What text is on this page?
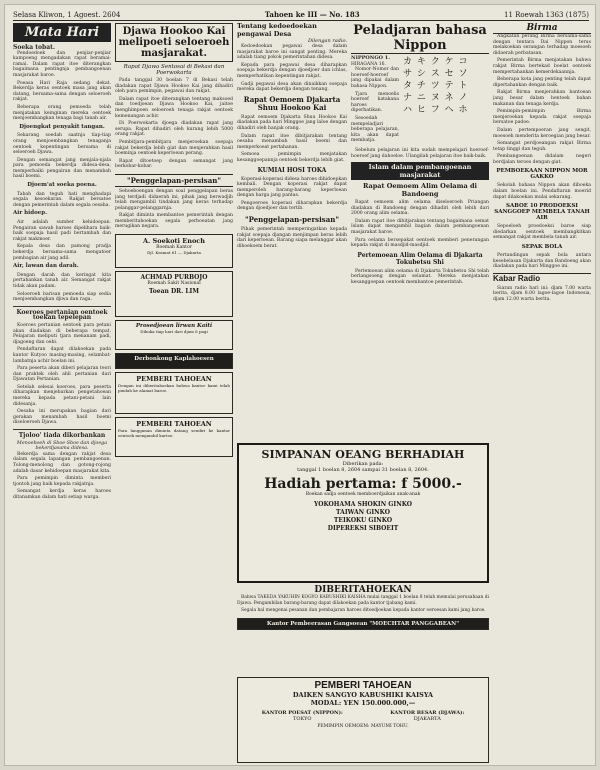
Selasa Kliwon, 1 Agoest. 2604	Tahoen ke III — No. 183	11 Roewah 1363 (1875)
Mata Hari
Soeka tobat.

Pendoedoek dan penjiar-penjiar kampoeng mengadakan rapat beramai-ramai. Dalam rapat itoe diterangkan bagaimana pentingnja pembangoenan masjarakat baroe.

Poeasa Hari Raja sedang dekat. Bekerdja keras oentoek masa jang akan datang, bersama-sama dengan seloeroeh rakjat.

Beberapa orang pemoeda telah menjatakan keinginan mereka oentoek menjoembangkan tenaga bagi tanah air.

Djoengkat penyakit tangan.

Sekarang soedah saatnja tiap-tiap orang menjoembangkan tenaganja oentoek kepentingan bersama di seloeroeh Djawa.

Dengan semangat jang menjala-njala para pemoeda bekerdja didesa-desa, memperbaiki pengairan dan menambah hasil boemi.

Djoem'at soeka poena.

Tabah dan teguh hati menghadapi segala kesoekaran. Rakjat bersatoe dengan pemerintah dalam segala oesaha.

Air hidoep.

Air adalah sumber kehidoepan. Pengairan sawah haroes dipelihara baik-baik soepaja hasil padi bertambah dan rakjat makmoer.

Kepala desa dan pamong pradja bekerdja bersama-sama mengatoer pembagian air jang adil.

Air, lawan dan darah.

Dengan darah dan keringat kita pertahankan tanah air. Semangat rakjat tidak akan padam.

Seloeroeh barisan pemoeda siap sedia menjoembangkan djiwa dan raga.

Koeroes pertanian oentoek toekan tepelepan

Koeroes pertanian oentoek para petani akan diadakan di beberapa tempat. Pelajaran meliputi tjara menanam padi, djagoeng dan oebi.

Pendaftaran dapat dilakoekan pada kantor Kutyoo masing-masing, selambat-lambatnja achir boelan ini.

Para peserta akan diberi pelajaran teori dan praktek oleh ahli pertanian dari Djawatan Pertanian.

Setelah selesai koeroes, para peserta diharapkan menjebarkan pengetahoean mereka kepada petani-petani lain didesanja.

Oesaha ini merupakan bagian dari gerakan menambah hasil boemi diseloeroeh Djawa.

Tjoloo' tiada dikorbankan
Menoeboeh di Sboe-Sboe dan djoega bekerdjasama didesa.

Bekerdja sama dengan rakjat desa dalam segala lapangan pembangoenan. Tolong-menolong dan gotong-rojong adalah dasar kehidoepan masjarakat kita.

Para pemimpin diminta memberi tjontoh jang baik kepada rakjatnja.

Semangat kerdja keras haroes ditanamkan dalam hati setiap warga.

Djawa Hookoo Kai melipoeti seloeroeh masjarakat.
Rapat Djawa Sentosai di Bekasi dan Poerwokarta

Pada tanggal 30 boelan 7 di Bekasi telah diadakan rapat Djawa Hookoo Kai jang dihadiri oleh para pemimpin, pegawai dan rakjat.

Dalam rapat itoe diterangkan tentang maksoed dan toedjoean Djawa Hookoo Kai, jaitoe menghimpoen seloeroeh tenaga rakjat oentoek kemenangan achir.

Di Poerwokarta djoega diadakan rapat jang serupa. Rapat dihadiri oleh kurang lebih 5000 orang rakjat.

Pembitjara-pembitjara menjeroekan soepaja rakjat bekerdja lebih giat dan menjerahkan hasil boeminja oentoek keperloean perang.

Rapat ditoetoep dengan semangat jang berkobar-kobar.

"Penggelapan-persisan"

Sehoeboengan dengan soal penggelapan beras jang terdjadi didaerah ini, pihak jang berwadjib telah mengambil tindakan jang keras terhadap pelanggar-pelanggarnja.

Rakjat diminta membantoe pemerintah dengan memberitahoekan segala perboeatan jang merugikan negara.

A. Soekoti Enoch
Roemah Kantor
Djl. Kramat 61 — Djakarta
ACHMAD PURBOJO
Roemah Sakit Nasional
Toean DR. LIM
Prosedjoean lirwan Kaiti
Dibuka tiap hari dari djam 8 pagi
Derbonkong Kaplahoesen
PEMBERI TAHOEAN
Dengan ini diberitahoekan bahwa kantor kami telah pindah ke alamat baroe.
PEMBERI TAHOEAN
Para langganan diminta datang sendiri ke kantor oentoek mengambil kartoe.
Tentang kedoedoekan pengawai Desa
Dilengan radio.

Kedoedoekan pegawai desa dalam masjarakat baroe ini sangat penting. Mereka adalah tiang pokok pemerintahan didesa.

Kepada para pegawai desa diharapkan soepaja bekerdja dengan djoedjoer dan ichlas, memperhatikan kepentingan rakjat.

Gadji pegawai desa akan dinaikkan soepaja mereka dapat bekerdja dengan tenang.

Rapat Oemoem Djakarta Shuu Hookoo Kai

Rapat oemoem Djakarta Shuu Hookoo Kai diadakan pada hari Minggoe jang laloe dengan dihadiri oleh banjak orang.

Dalam rapat itoe dibitjarakan tentang oesaha menambah hasil boemi dan memperkoeat pertahanan.

Semoea pemimpin menjatakan kesanggoepannja oentoek bekerdja lebih giat.

KUMIAI HOSI TOKA

Koperasi-koperasi didesa haroes dihidoepkan kembali. Dengan koperasi rakjat dapat memperoleh barang-barang keperloean dengan harga jang pantas.

Pengoeroes koperasi diharapkan bekerdja dengan djoedjoer dan tertib.

"Penggelapan-persisan"

Pihak pemerintah memperingatkan kepada rakjat soepaja djangan menjimpan beras lebih dari keperloean. Barang siapa melanggar akan dihoekoem berat.

Peladjaran bahasa Nippon
NIPPONGO 1.
HIRAGANA 16.

Nomor-Nomor dan hoeroef-hoeroef jang dipakai dalam bahasa Nippon.

Tjara menoelis hoeroef katakana haroes diperhatikan.

Sesoedah mempeladjari beberapa pelajaran, kita akan dapat membatja.

カ キ ク ケ コ
サ シ ス セ ソ
タ チ ツ テ ト
ナ ニ ヌ ネ ノ
ハ ヒ フ ヘ ホ

Sebelum pelajaran ini kita sudah mempelajari hoeroef-hoeroef jang dahoeloe. Ulangilah pelajaran itoe baik-baik.

Islam dalam pembangoenan masjarakat
Rapat Oemoem Alim Oelama di Bandoeng

Rapat oemoem alim oelama diseloeroeh Priangan diadakan di Bandoeng dengan dihadiri oleh lebih dari 2000 orang alim oelama.

Dalam rapat itoe dibitjarakan tentang bagaimana oemat Islam dapat mengambil bagian dalam pembangoenan masjarakat baroe.

Para oelama bersepakat oentoek memberi penerangan kepada rakjat di masdjid-masdjid.

Pertemoean Alim Oelama di Djakarta Tokubetsu Shi

Pertemoean alim oelama di Djakarta Tokubetsu Shi telah berlangsoeng dengan selamat. Mereka menjatakan kesanggoepan oentoek membantoe pemerintah.

Birma

Angkatan perang Birma bersama-sama dengan tentara Dai Nippon terus melakoekan serangan terhadap moesoeh didaerah perbatasan.

Pemerintah Birma menjatakan bahwa rakjat Birma bertekad boelat oentoek mempertahankan kemerdekaannja.

Beberapa kota jang penting telah dapat dipertahankan dengan baik.

Rakjat Birma menjerahkan bantoean jang besar dalam bentoek bahan makanan dan tenaga kerdja.

Pemimpin-pemimpin Birma menjeroekan kepada rakjat soepaja bersatoe padoe.

Dalam pertempoeran jang sengit, moesoeh menderita keroegian jang besar.

Semangat perdjoeangan rakjat Birma tetap tinggi dan teguh.

Pembangoenan didalam negeri berdjalan teroes dengan giat.

PEMBOEKAAN NIPPON MOR GAKKO

Sekolah bahasa Nippon akan diboeka dalam boelan ini. Pendaftaran moerid dapat dilakoekan mulai sekarang.

SABOE 10 PRODOEKSI SANGGOEP MEMBELA TANAH AIR

Sepoeloeh proedoeksi baroe siap diedarkan oentoek membangkitkan semangat rakjat membela tanah air.

SEPAK BOLA

Pertandingan sepak bola antara kesebelasan Djakarta dan Bandoeng akan diadakan pada hari Minggoe ini.

Kabar Radio

Siaran radio hari ini: djam 7.00 warta berita, djam 8.00 lagoe-lagoe Indonesia, djam 12.00 warta berita.

SIMPANAN OEANG BERHADIAH
Diberikan pada:
tanggal 1 boelan 8, 2604 sampai 31 boelan 8, 2604.
Hadiah pertama: f 5000.-
Boekan sadja oentoek memboerdjaikan anak-anak
YOKOHAMA SHOKIN GINKO
TAIWAN GINKO
TEIKOKU GINKO
DIPEREKSI SIBOEIT
DIBERITAHOEKAN

Bahwa TAKEDA YAKUHIN KOGYO KABUSHIKI KAISHA mulai tanggal 1 boelan 8 telah memulai perusahaan di Djawa. Pengambilan barang-barang dapat dilakoekan pada kantor tjabang kami.

Segala hal mengenai pesanan dan pembajaran haroes ditoedjoekan kepada kantor oeroesan kami jang baroe.

Kantor Pembeerasan Gangsoean "MOECHTAR PANGGABEAN"
PEMBERI TAHOEAN
DAIKEN SANGYO KABUSHIKI KAISYA
MODAL: YEN 150.000.000,—
KANTOR POESAT (NIPPON):
TOKYO
KANTOR BESAR (DJAWA):
DJAKARTA
PEMIMPIN OEMOEM: MAYUMI TOHU.
